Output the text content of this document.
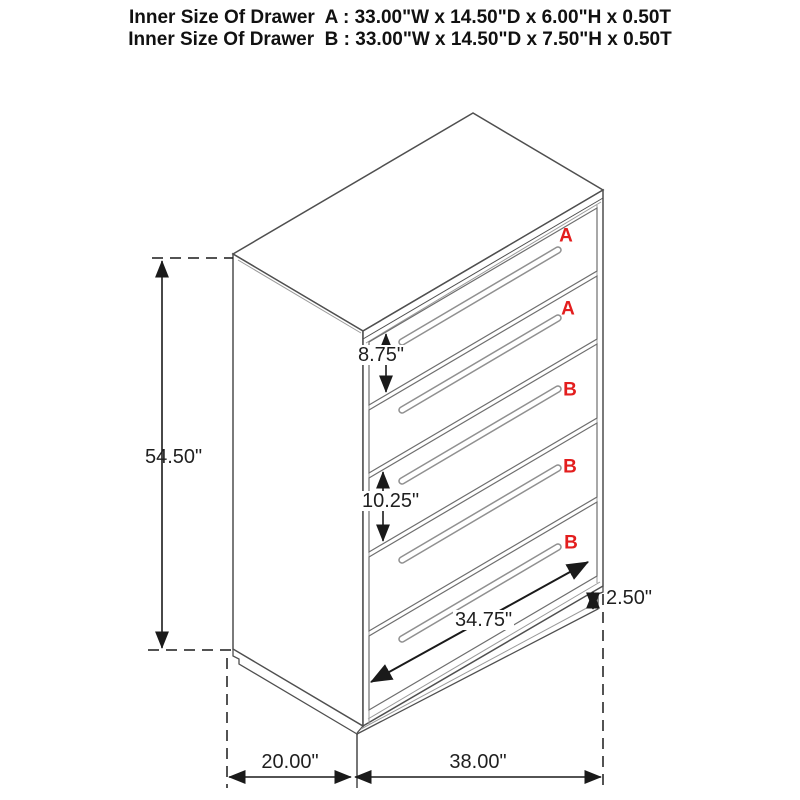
Inner Size Of Drawer  A : 33.00"W x 14.50"D x 6.00"H x 0.50T
Inner Size Of Drawer  B : 33.00"W x 14.50"D x 7.50"H x 0.50T
54.50"
8.75"
10.25"
34.75"
2.50"
20.00"	38.00"
A
A
B
B
B
